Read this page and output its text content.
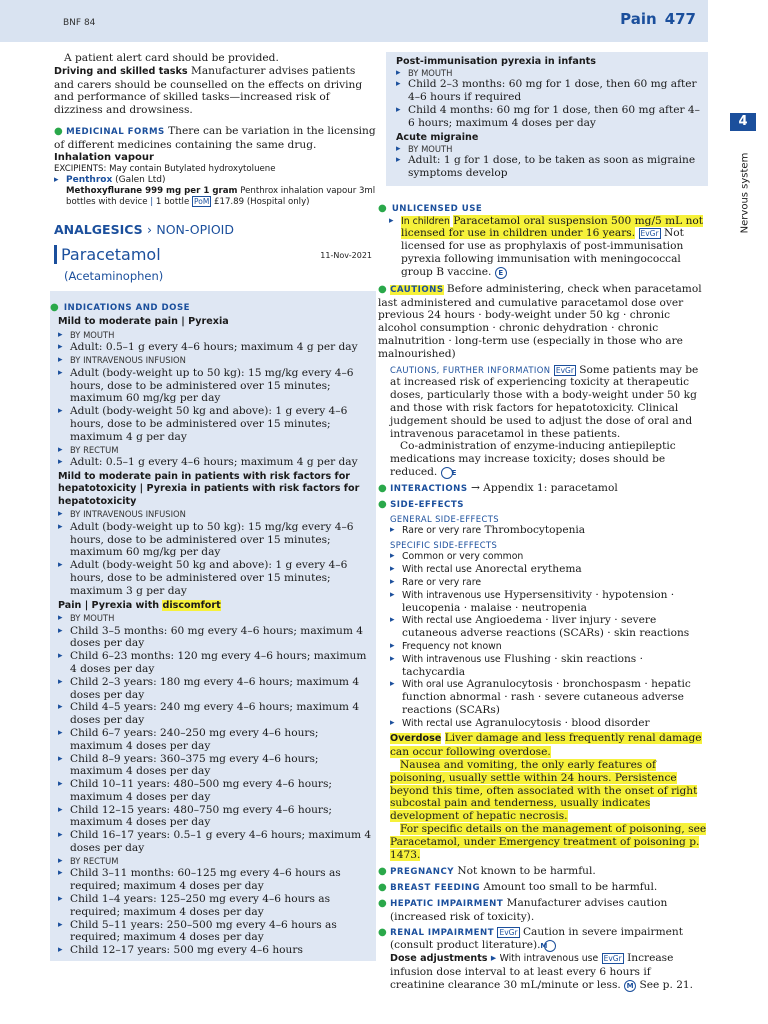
BNF 84	Pain 477
4
Nervous system

A patient alert card should be provided.

Driving and skilled tasks Manufacturer advises patients and carers should be counselled on the effects on driving and performance of skilled tasks—increased risk of dizziness and drowsiness.

● MEDICINAL FORMS There can be variation in the licensing of different medicines containing the same drug.

Inhalation vapour

EXCIPIENTS: May contain Butylated hydroxytoluene

▸ Penthrox (Galen Ltd)

Methoxyflurane 999 mg per 1 gram Penthrox inhalation vapour 3ml bottles with device | 1 bottle PoM £17.89 (Hospital only)

ANALGESICS › NON-OPIOID
Paracetamol	11-Nov-2021
(Acetaminophen)
● INDICATIONS AND DOSE

Mild to moderate pain | Pyrexia

▸ BY MOUTH

▸ Adult: 0.5–1 g every 4–6 hours; maximum 4 g per day

▸ BY INTRAVENOUS INFUSION

▸ Adult (body-weight up to 50 kg): 15 mg/kg every 4–6 hours, dose to be administered over 15 minutes; maximum 60 mg/kg per day

▸ Adult (body-weight 50 kg and above): 1 g every 4–6 hours, dose to be administered over 15 minutes; maximum 4 g per day

▸ BY RECTUM

▸ Adult: 0.5–1 g every 4–6 hours; maximum 4 g per day

Mild to moderate pain in patients with risk factors for hepatotoxicity | Pyrexia in patients with risk factors for hepatotoxicity

▸ BY INTRAVENOUS INFUSION

▸ Adult (body-weight up to 50 kg): 15 mg/kg every 4–6 hours, dose to be administered over 15 minutes; maximum 60 mg/kg per day

▸ Adult (body-weight 50 kg and above): 1 g every 4–6 hours, dose to be administered over 15 minutes; maximum 3 g per day

Pain | Pyrexia with discomfort

▸ BY MOUTH

▸ Child 3–5 months: 60 mg every 4–6 hours; maximum 4 doses per day

▸ Child 6–23 months: 120 mg every 4–6 hours; maximum 4 doses per day

▸ Child 2–3 years: 180 mg every 4–6 hours; maximum 4 doses per day

▸ Child 4–5 years: 240 mg every 4–6 hours; maximum 4 doses per day

▸ Child 6–7 years: 240–250 mg every 4–6 hours; maximum 4 doses per day

▸ Child 8–9 years: 360–375 mg every 4–6 hours; maximum 4 doses per day

▸ Child 10–11 years: 480–500 mg every 4–6 hours; maximum 4 doses per day

▸ Child 12–15 years: 480–750 mg every 4–6 hours; maximum 4 doses per day

▸ Child 16–17 years: 0.5–1 g every 4–6 hours; maximum 4 doses per day

▸ BY RECTUM

▸ Child 3–11 months: 60–125 mg every 4–6 hours as required; maximum 4 doses per day

▸ Child 1–4 years: 125–250 mg every 4–6 hours as required; maximum 4 doses per day

▸ Child 5–11 years: 250–500 mg every 4–6 hours as required; maximum 4 doses per day

▸ Child 12–17 years: 500 mg every 4–6 hours

Post-immunisation pyrexia in infants

▸ BY MOUTH

▸ Child 2–3 months: 60 mg for 1 dose, then 60 mg after 4–6 hours if required

▸ Child 4 months: 60 mg for 1 dose, then 60 mg after 4–6 hours; maximum 4 doses per day

Acute migraine

▸ BY MOUTH

▸ Adult: 1 g for 1 dose, to be taken as soon as migraine symptoms develop

● UNLICENSED USE

▸ In children Paracetamol oral suspension 500 mg/5 mL not licensed for use in children under 16 years. EvGr Not licensed for use as prophylaxis of post-immunisation pyrexia following immunisation with meningococcal group B vaccine. E

● CAUTIONS Before administering, check when paracetamol last administered and cumulative paracetamol dose over previous 24 hours · body-weight under 50 kg · chronic alcohol consumption · chronic dehydration · chronic malnutrition · long-term use (especially in those who are malnourished)

CAUTIONS, FURTHER INFORMATION EvGr Some patients may be at increased risk of experiencing toxicity at therapeutic doses, particularly those with a body-weight under 50 kg and those with risk factors for hepatotoxicity. Clinical judgement should be used to adjust the dose of oral and intravenous paracetamol in these patients.

Co-administration of enzyme-inducing antiepileptic medications may increase toxicity; doses should be reduced. E

● INTERACTIONS → Appendix 1: paracetamol

● SIDE-EFFECTS

GENERAL SIDE-EFFECTS

▸ Rare or very rare Thrombocytopenia

SPECIFIC SIDE-EFFECTS

▸ Common or very common

▸ With rectal use Anorectal erythema

▸ Rare or very rare

▸ With intravenous use Hypersensitivity · hypotension · leucopenia · malaise · neutropenia

▸ With rectal use Angioedema · liver injury · severe cutaneous adverse reactions (SCARs) · skin reactions

▸ Frequency not known

▸ With intravenous use Flushing · skin reactions · tachycardia

▸ With oral use Agranulocytosis · bronchospasm · hepatic function abnormal · rash · severe cutaneous adverse reactions (SCARs)

▸ With rectal use Agranulocytosis · blood disorder

Overdose Liver damage and less frequently renal damage can occur following overdose.

Nausea and vomiting, the only early features of poisoning, usually settle within 24 hours. Persistence beyond this time, often associated with the onset of right subcostal pain and tenderness, usually indicates development of hepatic necrosis.

For specific details on the management of poisoning, see Paracetamol, under Emergency treatment of poisoning p. 1473.

● PREGNANCY Not known to be harmful.

● BREAST FEEDING Amount too small to be harmful.

● HEPATIC IMPAIRMENT Manufacturer advises caution (increased risk of toxicity).

● RENAL IMPAIRMENT EvGr Caution in severe impairment (consult product literature). M

Dose adjustments ▸ With intravenous use EvGr Increase infusion dose interval to at least every 6 hours if creatinine clearance 30 mL/minute or less. M See p. 21.
